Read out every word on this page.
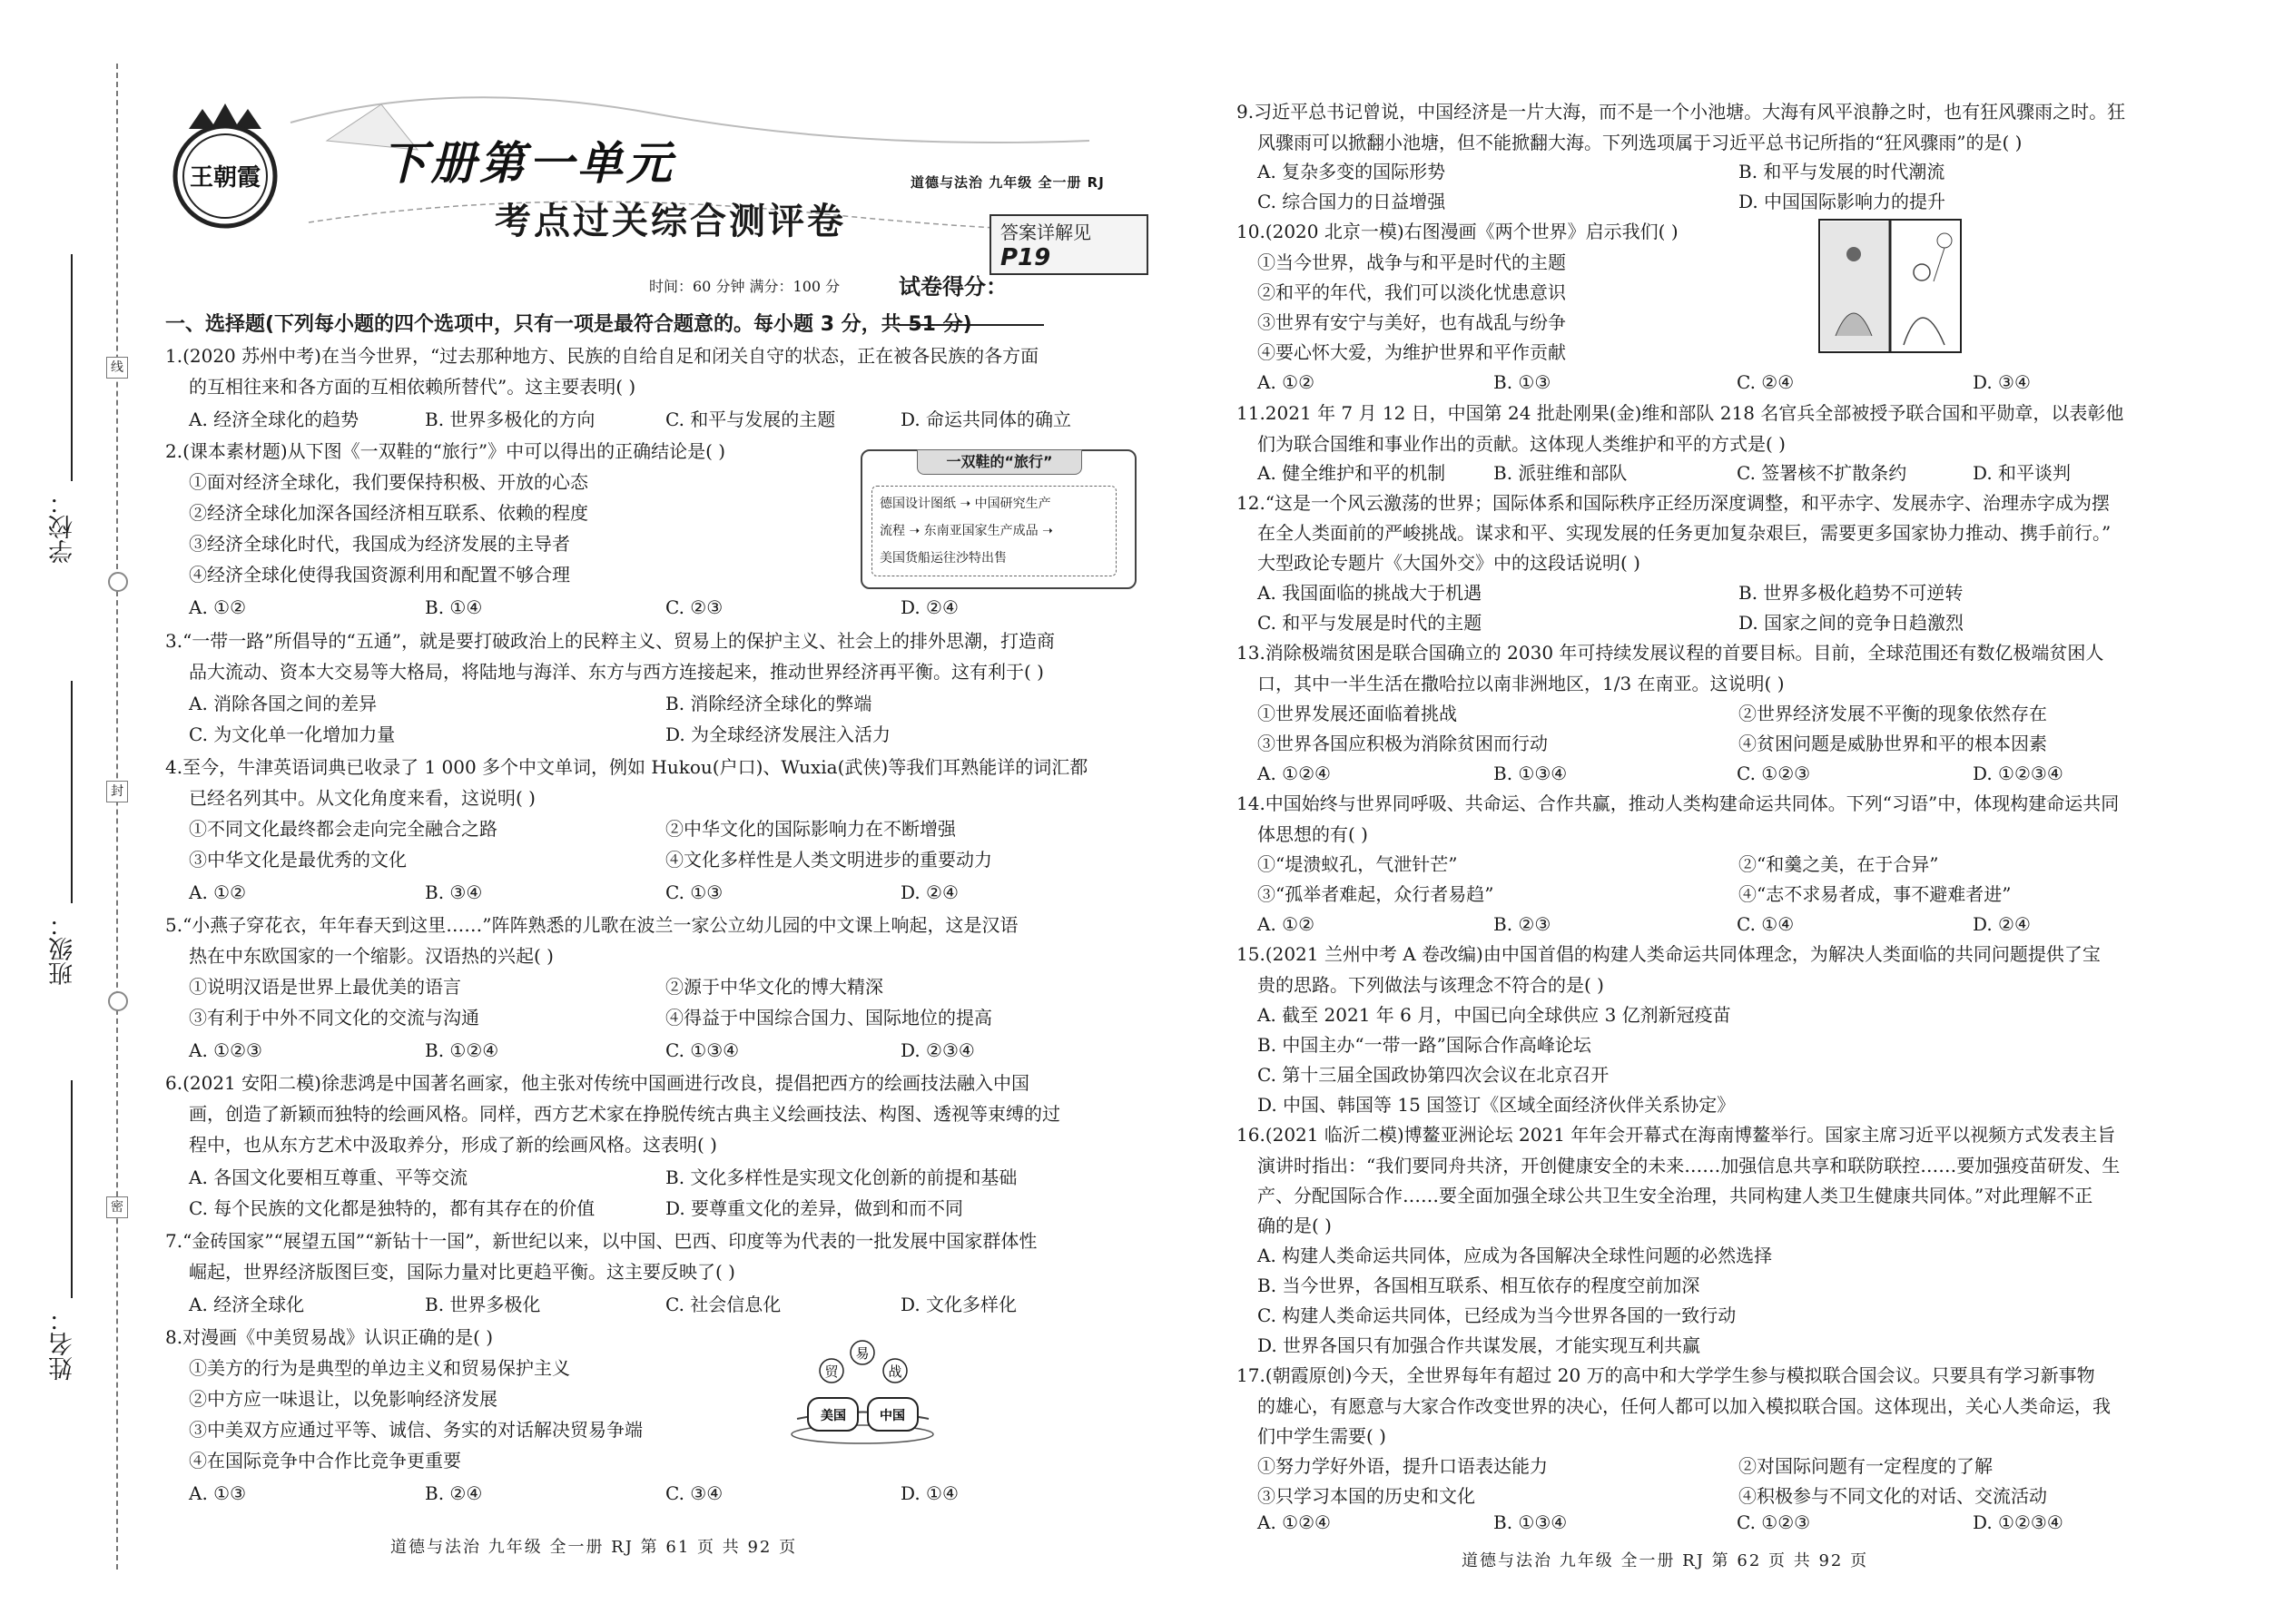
线
封
密
学校：
班级：
姓名：
王朝霞	下册第一单元
考点过关综合测评卷
道德与法治 九年级 全一册 RJ
答案详解见 P19
时间：60 分钟 满分：100 分	试卷得分：
一、选择题(下列每小题的四个选项中，只有一项是最符合题意的。每小题 3 分，共 51 分)
1.(2020 苏州中考)在当今世界，“过去那种地方、民族的自给自足和闭关自守的状态，正在被各民族的各方面
的互相往来和各方面的互相依赖所替代”。这主要表明( )
A. 经济全球化的趋势	B. 世界多极化的方向	C. 和平与发展的主题	D. 命运共同体的确立
2.(课本素材题)从下图《一双鞋的“旅行”》中可以得出的正确结论是( )
①面对经济全球化，我们要保持积极、开放的心态
②经济全球化加深各国经济相互联系、依赖的程度
③经济全球化时代，我国成为经济发展的主导者
④经济全球化使得我国资源利用和配置不够合理
A. ①②	B. ①④	C. ②③	D. ②④
一双鞋的“旅行”
德国设计图纸 ➝ 中国研究生产
流程 ➝ 东南亚国家生产成品 ➝
美国货船运往沙特出售
3.“一带一路”所倡导的“五通”，就是要打破政治上的民粹主义、贸易上的保护主义、社会上的排外思潮，打造商
品大流动、资本大交易等大格局，将陆地与海洋、东方与西方连接起来，推动世界经济再平衡。这有利于( )
A. 消除各国之间的差异	B. 消除经济全球化的弊端
C. 为文化单一化增加力量	D. 为全球经济发展注入活力
4.至今，牛津英语词典已收录了 1 000 多个中文单词，例如 Hukou(户口)、Wuxia(武侠)等我们耳熟能详的词汇都
已经名列其中。从文化角度来看，这说明( )
①不同文化最终都会走向完全融合之路	②中华文化的国际影响力在不断增强
③中华文化是最优秀的文化	④文化多样性是人类文明进步的重要动力
A. ①②	B. ③④	C. ①③	D. ②④
5.“小燕子穿花衣，年年春天到这里……”阵阵熟悉的儿歌在波兰一家公立幼儿园的中文课上响起，这是汉语
热在中东欧国家的一个缩影。汉语热的兴起( )
①说明汉语是世界上最优美的语言	②源于中华文化的博大精深
③有利于中外不同文化的交流与沟通	④得益于中国综合国力、国际地位的提高
A. ①②③	B. ①②④	C. ①③④	D. ②③④
6.(2021 安阳二模)徐悲鸿是中国著名画家，他主张对传统中国画进行改良，提倡把西方的绘画技法融入中国
画，创造了新颖而独特的绘画风格。同样，西方艺术家在挣脱传统古典主义绘画技法、构图、透视等束缚的过
程中，也从东方艺术中汲取养分，形成了新的绘画风格。这表明( )
A. 各国文化要相互尊重、平等交流	B. 文化多样性是实现文化创新的前提和基础
C. 每个民族的文化都是独特的，都有其存在的价值	D. 要尊重文化的差异，做到和而不同
7.“金砖国家”“展望五国”“新钻十一国”，新世纪以来，以中国、巴西、印度等为代表的一批发展中国家群体性
崛起，世界经济版图巨变，国际力量对比更趋平衡。这主要反映了( )
A. 经济全球化	B. 世界多极化	C. 社会信息化	D. 文化多样化
8.对漫画《中美贸易战》认识正确的是( )
①美方的行为是典型的单边主义和贸易保护主义
②中方应一味退让，以免影响经济发展
③中美双方应通过平等、诚信、务实的对话解决贸易争端
④在国际竞争中合作比竞争更重要
A. ①③	B. ②④	C. ③④	D. ①④
易
贸	战
美国	中国
道德与法治 九年级 全一册 RJ 第 61 页 共 92 页
9.习近平总书记曾说，中国经济是一片大海，而不是一个小池塘。大海有风平浪静之时，也有狂风骤雨之时。狂
风骤雨可以掀翻小池塘，但不能掀翻大海。下列选项属于习近平总书记所指的“狂风骤雨”的是( )
A. 复杂多变的国际形势	B. 和平与发展的时代潮流
C. 综合国力的日益增强	D. 中国国际影响力的提升
10.(2020 北京一模)右图漫画《两个世界》启示我们( )
①当今世界，战争与和平是时代的主题
②和平的年代，我们可以淡化忧患意识
③世界有安宁与美好，也有战乱与纷争
④要心怀大爱，为维护世界和平作贡献
A. ①②	B. ①③	C. ②④	D. ③④
11.2021 年 7 月 12 日，中国第 24 批赴刚果(金)维和部队 218 名官兵全部被授予联合国和平勋章，以表彰他
们为联合国维和事业作出的贡献。这体现人类维护和平的方式是( )
A. 健全维护和平的机制	B. 派驻维和部队	C. 签署核不扩散条约	D. 和平谈判
12.“这是一个风云激荡的世界；国际体系和国际秩序正经历深度调整，和平赤字、发展赤字、治理赤字成为摆
在全人类面前的严峻挑战。谋求和平、实现发展的任务更加复杂艰巨，需要更多国家协力推动、携手前行。”
大型政论专题片《大国外交》中的这段话说明( )
A. 我国面临的挑战大于机遇	B. 世界多极化趋势不可逆转
C. 和平与发展是时代的主题	D. 国家之间的竞争日趋激烈
13.消除极端贫困是联合国确立的 2030 年可持续发展议程的首要目标。目前，全球范围还有数亿极端贫困人
口，其中一半生活在撒哈拉以南非洲地区，1/3 在南亚。这说明( )
①世界发展还面临着挑战	②世界经济发展不平衡的现象依然存在
③世界各国应积极为消除贫困而行动	④贫困问题是威胁世界和平的根本因素
A. ①②④	B. ①③④	C. ①②③	D. ①②③④
14.中国始终与世界同呼吸、共命运、合作共赢，推动人类构建命运共同体。下列“习语”中，体现构建命运共同
体思想的有( )
①“堤溃蚁孔，气泄针芒”	②“和羹之美，在于合异”
③“孤举者难起，众行者易趋”	④“志不求易者成，事不避难者进”
A. ①②	B. ②③	C. ①④	D. ②④
15.(2021 兰州中考 A 卷改编)由中国首倡的构建人类命运共同体理念，为解决人类面临的共同问题提供了宝
贵的思路。下列做法与该理念不符合的是( )
A. 截至 2021 年 6 月，中国已向全球供应 3 亿剂新冠疫苗
B. 中国主办“一带一路”国际合作高峰论坛
C. 第十三届全国政协第四次会议在北京召开
D. 中国、韩国等 15 国签订《区域全面经济伙伴关系协定》
16.(2021 临沂二模)博鳌亚洲论坛 2021 年年会开幕式在海南博鳌举行。国家主席习近平以视频方式发表主旨
演讲时指出：“我们要同舟共济，开创健康安全的未来……加强信息共享和联防联控……要加强疫苗研发、生
产、分配国际合作……要全面加强全球公共卫生安全治理，共同构建人类卫生健康共同体。”对此理解不正
确的是( )
A. 构建人类命运共同体，应成为各国解决全球性问题的必然选择
B. 当今世界，各国相互联系、相互依存的程度空前加深
C. 构建人类命运共同体，已经成为当今世界各国的一致行动
D. 世界各国只有加强合作共谋发展，才能实现互利共赢
17.(朝霞原创)今天，全世界每年有超过 20 万的高中和大学学生参与模拟联合国会议。只要具有学习新事物
的雄心，有愿意与大家合作改变世界的决心，任何人都可以加入模拟联合国。这体现出，关心人类命运，我
们中学生需要( )
①努力学好外语，提升口语表达能力	②对国际问题有一定程度的了解
③只学习本国的历史和文化	④积极参与不同文化的对话、交流活动
A. ①②④	B. ①③④	C. ①②③	D. ①②③④
道德与法治 九年级 全一册 RJ 第 62 页 共 92 页
